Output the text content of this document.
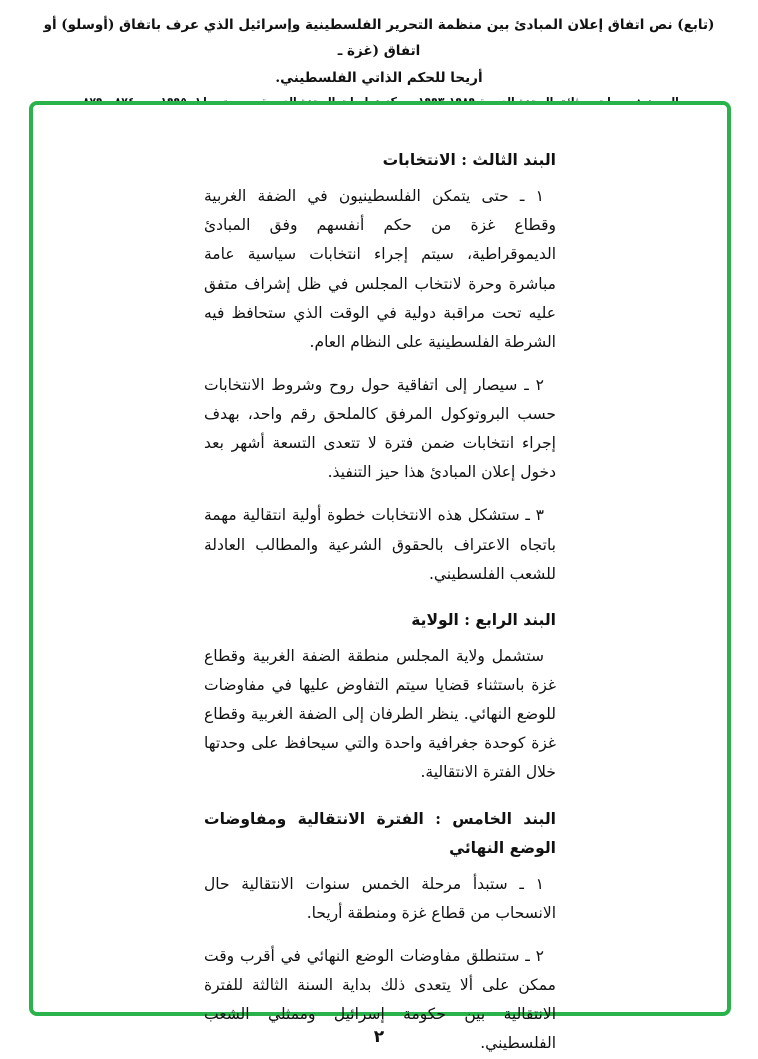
(تابع) نص اتفاق إعلان المبادئ بين منظمة التحرير الفلسطينية وإسرائيل الذي عرف باتفاق (أوسلو) أو اتفاق (غزة ـ
أريحا للحكم الذاتي الفلسطيني.
البند الثالث : الانتخابات

١ ـ حتى يتمكن الفلسطينيون في الضفة الغربية وقطاع غزة من حكم أنفسهم وفق المبادئ الديموقراطية، سيتم إجراء انتخابات سياسية عامة مباشرة وحرة لانتخاب المجلس في ظل إشراف متفق عليه تحت مراقبة دولية في الوقت الذي ستحافظ فيه الشرطة الفلسطينية على النظام العام.

٢ ـ سيصار إلى اتفاقية حول روح وشروط الانتخابات حسب البروتوكول المرفق كالملحق رقم واحد، بهدف إجراء انتخابات ضمن فترة لا تتعدى التسعة أشهر بعد دخول إعلان المبادئ هذا حيز التنفيذ.

٣ ـ ستشكل هذه الانتخابات خطوة أولية انتقالية مهمة باتجاه الاعتراف بالحقوق الشرعية والمطالب العادلة للشعب الفلسطيني.

البند الرابع : الولاية

ستشمل ولاية المجلس منطقة الضفة الغربية وقطاع غزة باستثناء قضايا سيتم التفاوض عليها في مفاوضات للوضع النهائي. ينظر الطرفان إلى الضفة الغربية وقطاع غزة كوحدة جغرافية واحدة والتي سيحافظ على وحدتها خلال الفترة الانتقالية.

البند الخامس : الفترة الانتقالية ومفاوضات الوضع النهائي

١ ـ ستبدأ مرحلة الخمس سنوات الانتقالية حال الانسحاب من قطاع غزة ومنطقة أريحا.

٢ ـ ستنطلق مفاوضات الوضع النهائي في أقرب وقت ممكن على ألا يتعدى ذلك بداية السنة الثالثة للفترة الانتقالية بين حكومة إسرائيل وممثلي الشعب الفلسطيني.

٢
